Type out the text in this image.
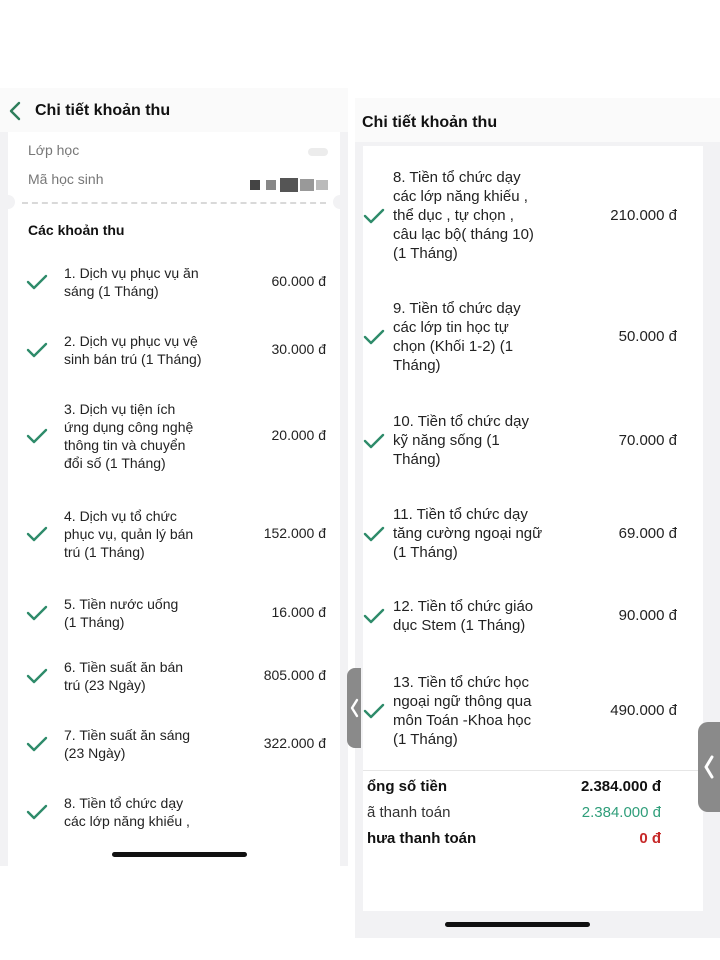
Chi tiết khoản thu
Lớp học
Mã học sinh
Các khoản thu
1. Dịch vụ phục vụ ăn
sáng (1 Tháng)
60.000 đ
2. Dịch vụ phục vụ vệ
sinh bán trú (1 Tháng)
30.000 đ
3. Dịch vụ tiện ích
ứng dụng công nghệ
thông tin và chuyển
đổi số (1 Tháng)
20.000 đ
4. Dịch vụ tổ chức
phục vụ, quản lý bán
trú (1 Tháng)
152.000 đ
5. Tiền nước uống
(1 Tháng)
16.000 đ
6. Tiền suất ăn bán
trú (23 Ngày)
805.000 đ
7. Tiền suất ăn sáng
(23 Ngày)
322.000 đ
8. Tiền tổ chức dạy
các lớp năng khiếu ,
Chi tiết khoản thu
8. Tiền tổ chức dạy
các lớp năng khiếu ,
thể dục , tự chọn ,
câu lạc bộ( tháng 10)
(1 Tháng)
210.000 đ
9. Tiền tổ chức dạy
các lớp tin học tự
chọn (Khối 1-2) (1
Tháng)
50.000 đ
10. Tiền tổ chức dạy
kỹ năng sống (1
Tháng)
70.000 đ
11. Tiền tổ chức dạy
tăng cường ngoại ngữ
(1 Tháng)
69.000 đ
12. Tiền tổ chức giáo
dục Stem (1 Tháng)
90.000 đ
13. Tiền tổ chức học
ngoại ngữ thông qua
môn Toán -Khoa học
(1 Tháng)
490.000 đ
ổng số tiền	2.384.000 đ
ã thanh toán	2.384.000 đ
hưa thanh toán	0 đ
